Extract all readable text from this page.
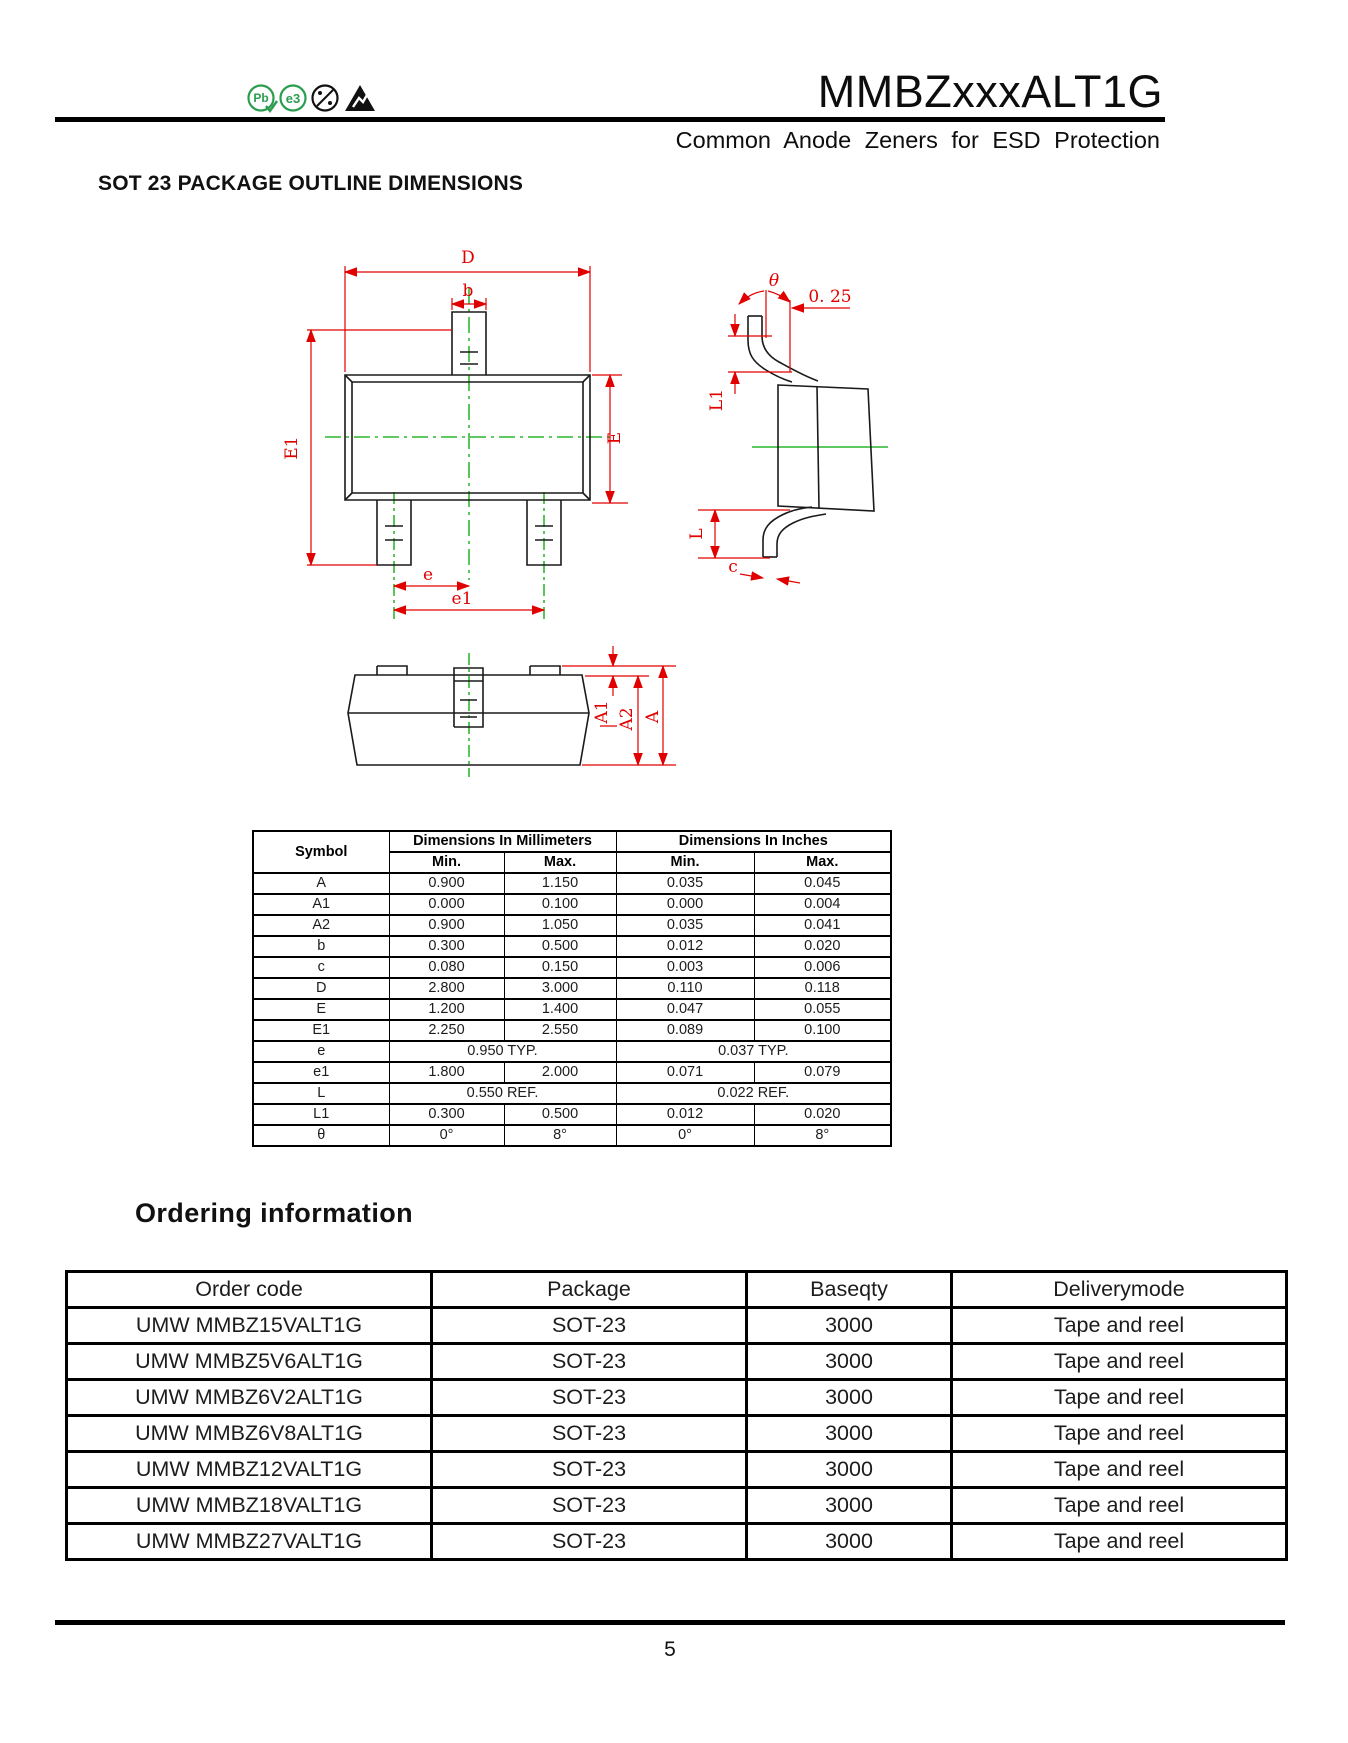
Pb e3	MMBZxxxALT1G
Common Anode Zeners for ESD Protection
SOT 23 PACKAGE OUTLINE DIMENSIONS
D
b
E1	E
e
e1
θ
0. 25
L1
L
c
A1 A2 A
Symbol	Dimensions In Millimeters		Dimensions In Inches	
	Min.	Max.	Min.	Max.
A	0.900	1.150	0.035	0.045
A1	0.000	0.100	0.000	0.004
A2	0.900	1.050	0.035	0.041
b	0.300	0.500	0.012	0.020
c	0.080	0.150	0.003	0.006
D	2.800	3.000	0.110	0.118
E	1.200	1.400	0.047	0.055
E1	2.250	2.550	0.089	0.100
e	0.950 TYP.		0.037 TYP.	
e1	1.800	2.000	0.071	0.079
L	0.550 REF.		0.022 REF.	
L1	0.300	0.500	0.012	0.020
θ	0°	8°	0°	8°
Ordering information
Order code	Package	Baseqty	Deliverymode
UMW MMBZ15VALT1G	SOT-23	3000	Tape and reel
UMW MMBZ5V6ALT1G	SOT-23	3000	Tape and reel
UMW MMBZ6V2ALT1G	SOT-23	3000	Tape and reel
UMW MMBZ6V8ALT1G	SOT-23	3000	Tape and reel
UMW MMBZ12VALT1G	SOT-23	3000	Tape and reel
UMW MMBZ18VALT1G	SOT-23	3000	Tape and reel
UMW MMBZ27VALT1G	SOT-23	3000	Tape and reel
5
